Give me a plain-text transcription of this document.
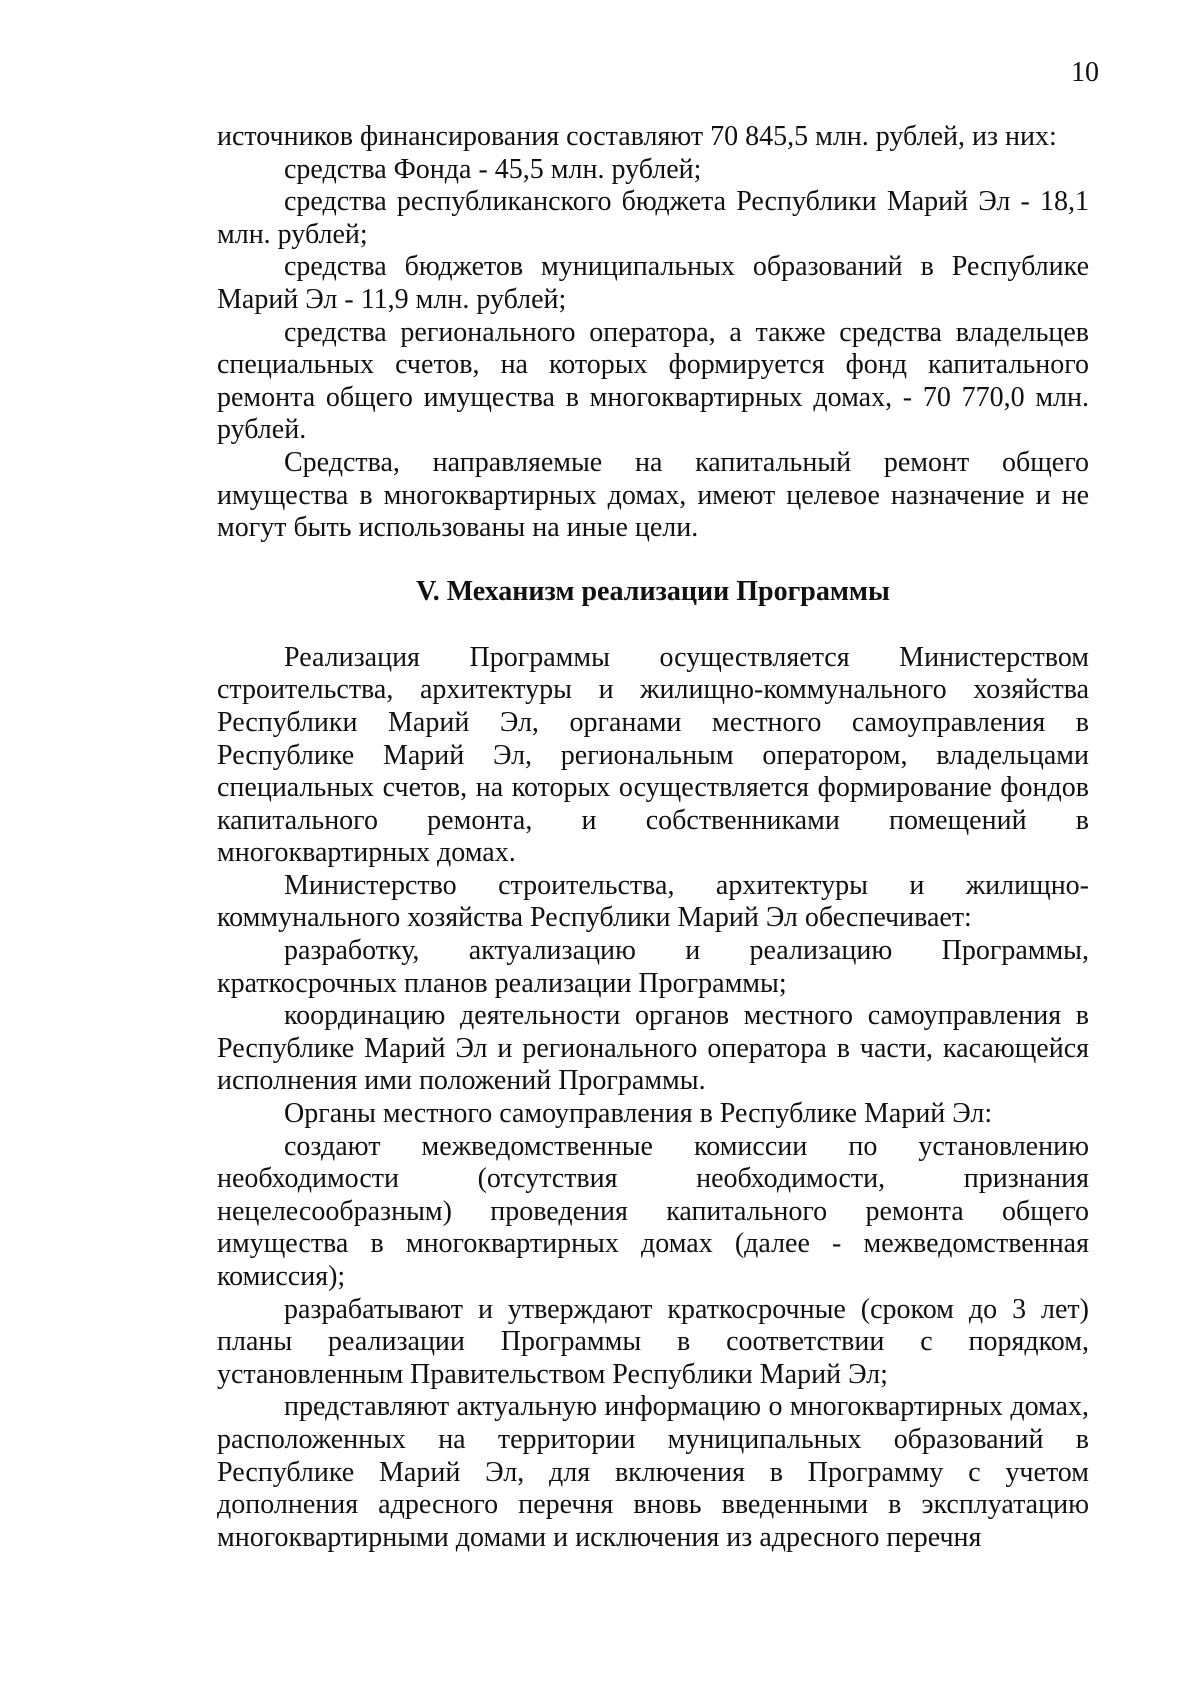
10

источников финансирования составляют 70 845,5 млн. рублей, из них:

средства Фонда - 45,5 млн. рублей;

средства республиканского бюджета Республики Марий Эл - 18,1 млн. рублей;

средства бюджетов муниципальных образований в Республике Марий Эл - 11,9 млн. рублей;

средства регионального оператора, а также средства владельцев специальных счетов, на которых формируется фонд капитального ремонта общего имущества в многоквартирных домах, - 70 770,0 млн. рублей.

Средства, направляемые на капитальный ремонт общего имущества в многоквартирных домах, имеют целевое назначение и не могут быть использованы на иные цели.

V. Механизм реализации Программы

Реализация Программы осуществляется Министерством строительства, архитектуры и жилищно-коммунального хозяйства Республики Марий Эл, органами местного самоуправления в Республике Марий Эл, региональным оператором, владельцами специальных счетов, на которых осуществляется формирование фондов капитального ремонта, и собственниками помещений в многоквартирных домах.

Министерство строительства, архитектуры и жилищно-коммунального хозяйства Республики Марий Эл обеспечивает:

разработку, актуализацию и реализацию Программы, краткосрочных планов реализации Программы;

координацию деятельности органов местного самоуправления в Республике Марий Эл и регионального оператора в части, касающейся исполнения ими положений Программы.

Органы местного самоуправления в Республике Марий Эл:

создают межведомственные комиссии по установлению необходимости (отсутствия необходимости, признания нецелесообразным) проведения капитального ремонта общего имущества в многоквартирных домах (далее - межведомственная комиссия);

разрабатывают и утверждают краткосрочные (сроком до 3 лет) планы реализации Программы в соответствии с порядком, установленным Правительством Республики Марий Эл;

представляют актуальную информацию о многоквартирных домах, расположенных на территории муниципальных образований в Республике Марий Эл, для включения в Программу с учетом дополнения адресного перечня вновь введенными в эксплуатацию многоквартирными домами и исключения из адресного перечня
